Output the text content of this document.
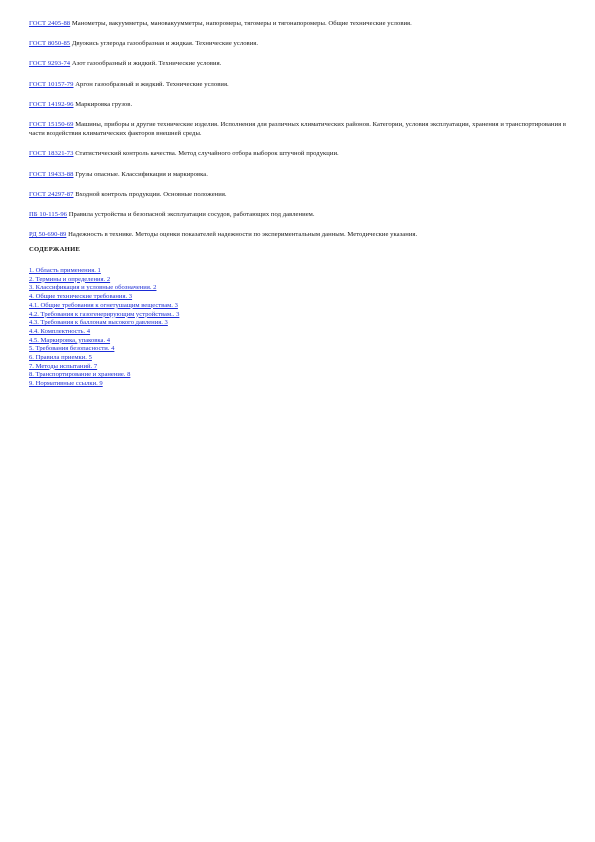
ГОСТ 2405-88 Манометры, вакуумметры, мановакуумметры, напоромеры, тягомеры и тягонапоромеры. Общие технические условия.

ГОСТ 8050-85 Двуокись углерода газообразная и жидкая. Технические условия.

ГОСТ 9293-74 Азот газообразный и жидкий. Технические условия.

ГОСТ 10157-79 Аргон газообразный и жидкий. Технические условия.

ГОСТ 14192-96 Маркировка грузов.

ГОСТ 15150-69 Машины, приборы и другие технические изделия. Исполнения для различных климатических районов. Категории, условия эксплуатации, хранения и транспортирования в части воздействия климатических факторов внешней среды.

ГОСТ 18321-73 Статистический контроль качества. Метод случайного отбора выборок штучной продукции.

ГОСТ 19433-88 Грузы опасные. Классификация и маркировка.

ГОСТ 24297-87 Входной контроль продукции. Основные положения.

ПБ 10-115-96 Правила устройства и безопасной эксплуатации сосудов, работающих под давлением.

РД 50-690-89 Надежность в технике. Методы оценки показателей надежности по экспериментальным данным. Методические указания.

СОДЕРЖАНИЕ

1. Область применения. 1
2. Термины и определения. 2
3. Классификация и условные обозначения. 2
4. Общие технические требования. 3
4.1. Общие требования к огнетушащим веществам. 3
4.2. Требования к газогенерирующим устройствам.. 3
4.3. Требования к баллонам высокого давления. 3
4.4. Комплектность. 4
4.5. Маркировка, упаковка. 4
5. Требования безопасности. 4
6. Правила приемки. 5
7. Методы испытаний. 7
8. Транспортирование и хранение. 8
9. Нормативные ссылки. 9
